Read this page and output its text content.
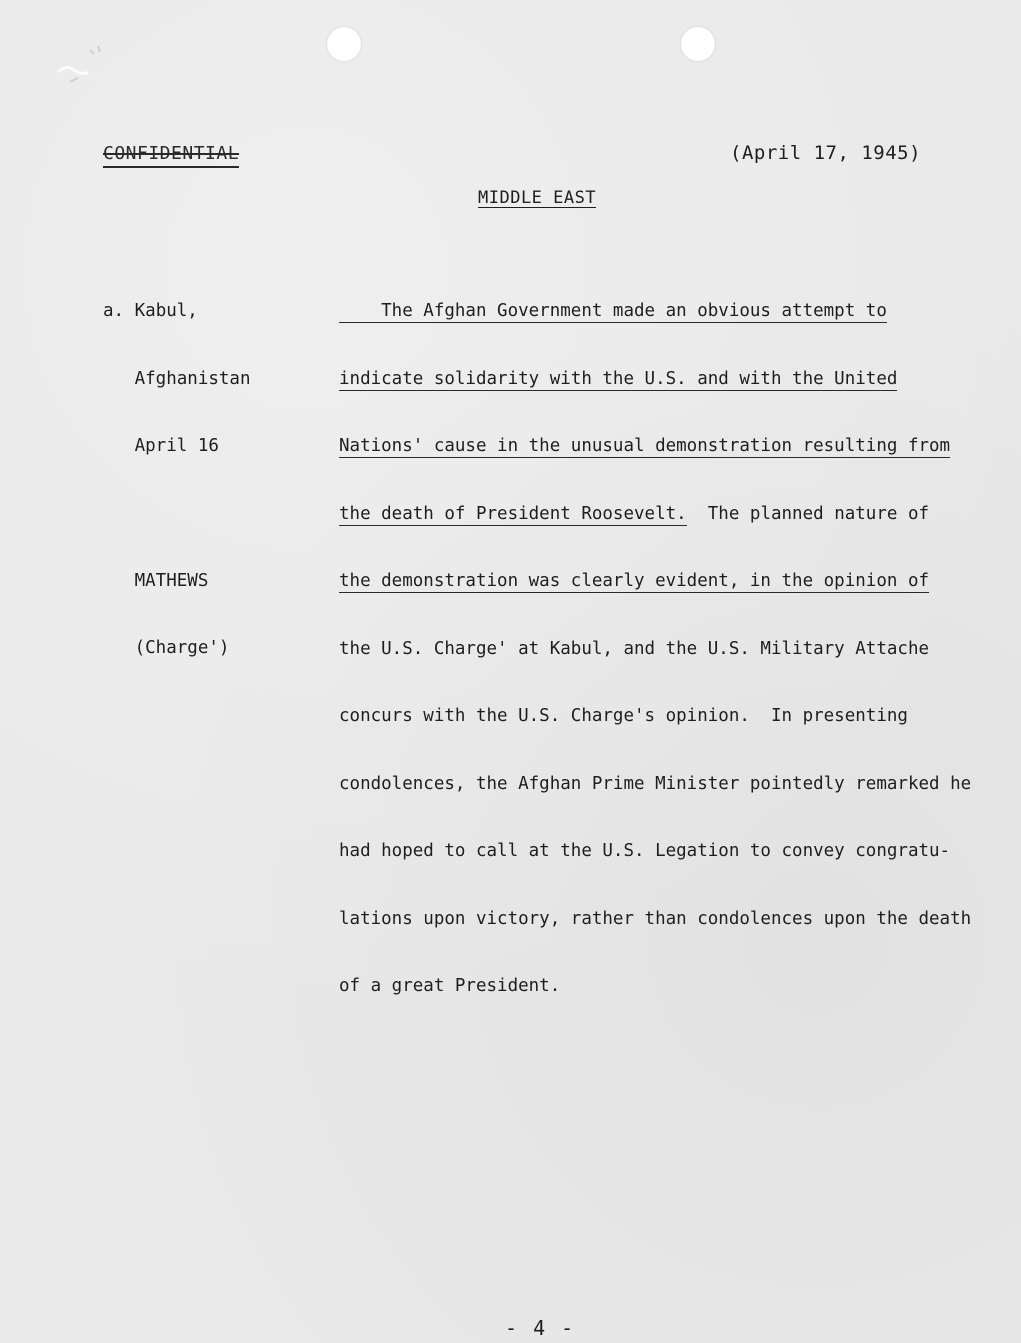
CONFIDENTIAL	(April 17, 1945)
MIDDLE EAST

a. Kabul,

Afghanistan

April 16

MATHEWS

(Charge')

The Afghan Government made an obvious attempt to

indicate solidarity with the U.S. and with the United

Nations' cause in the unusual demonstration resulting from

the death of President Roosevelt.  The planned nature of

the demonstration was clearly evident, in the opinion of

the U.S. Charge' at Kabul, and the U.S. Military Attache

concurs with the U.S. Charge's opinion.  In presenting

condolences, the Afghan Prime Minister pointedly remarked he

had hoped to call at the U.S. Legation to convey congratu-

lations upon victory, rather than condolences upon the death

of a great President.

- 4 -
